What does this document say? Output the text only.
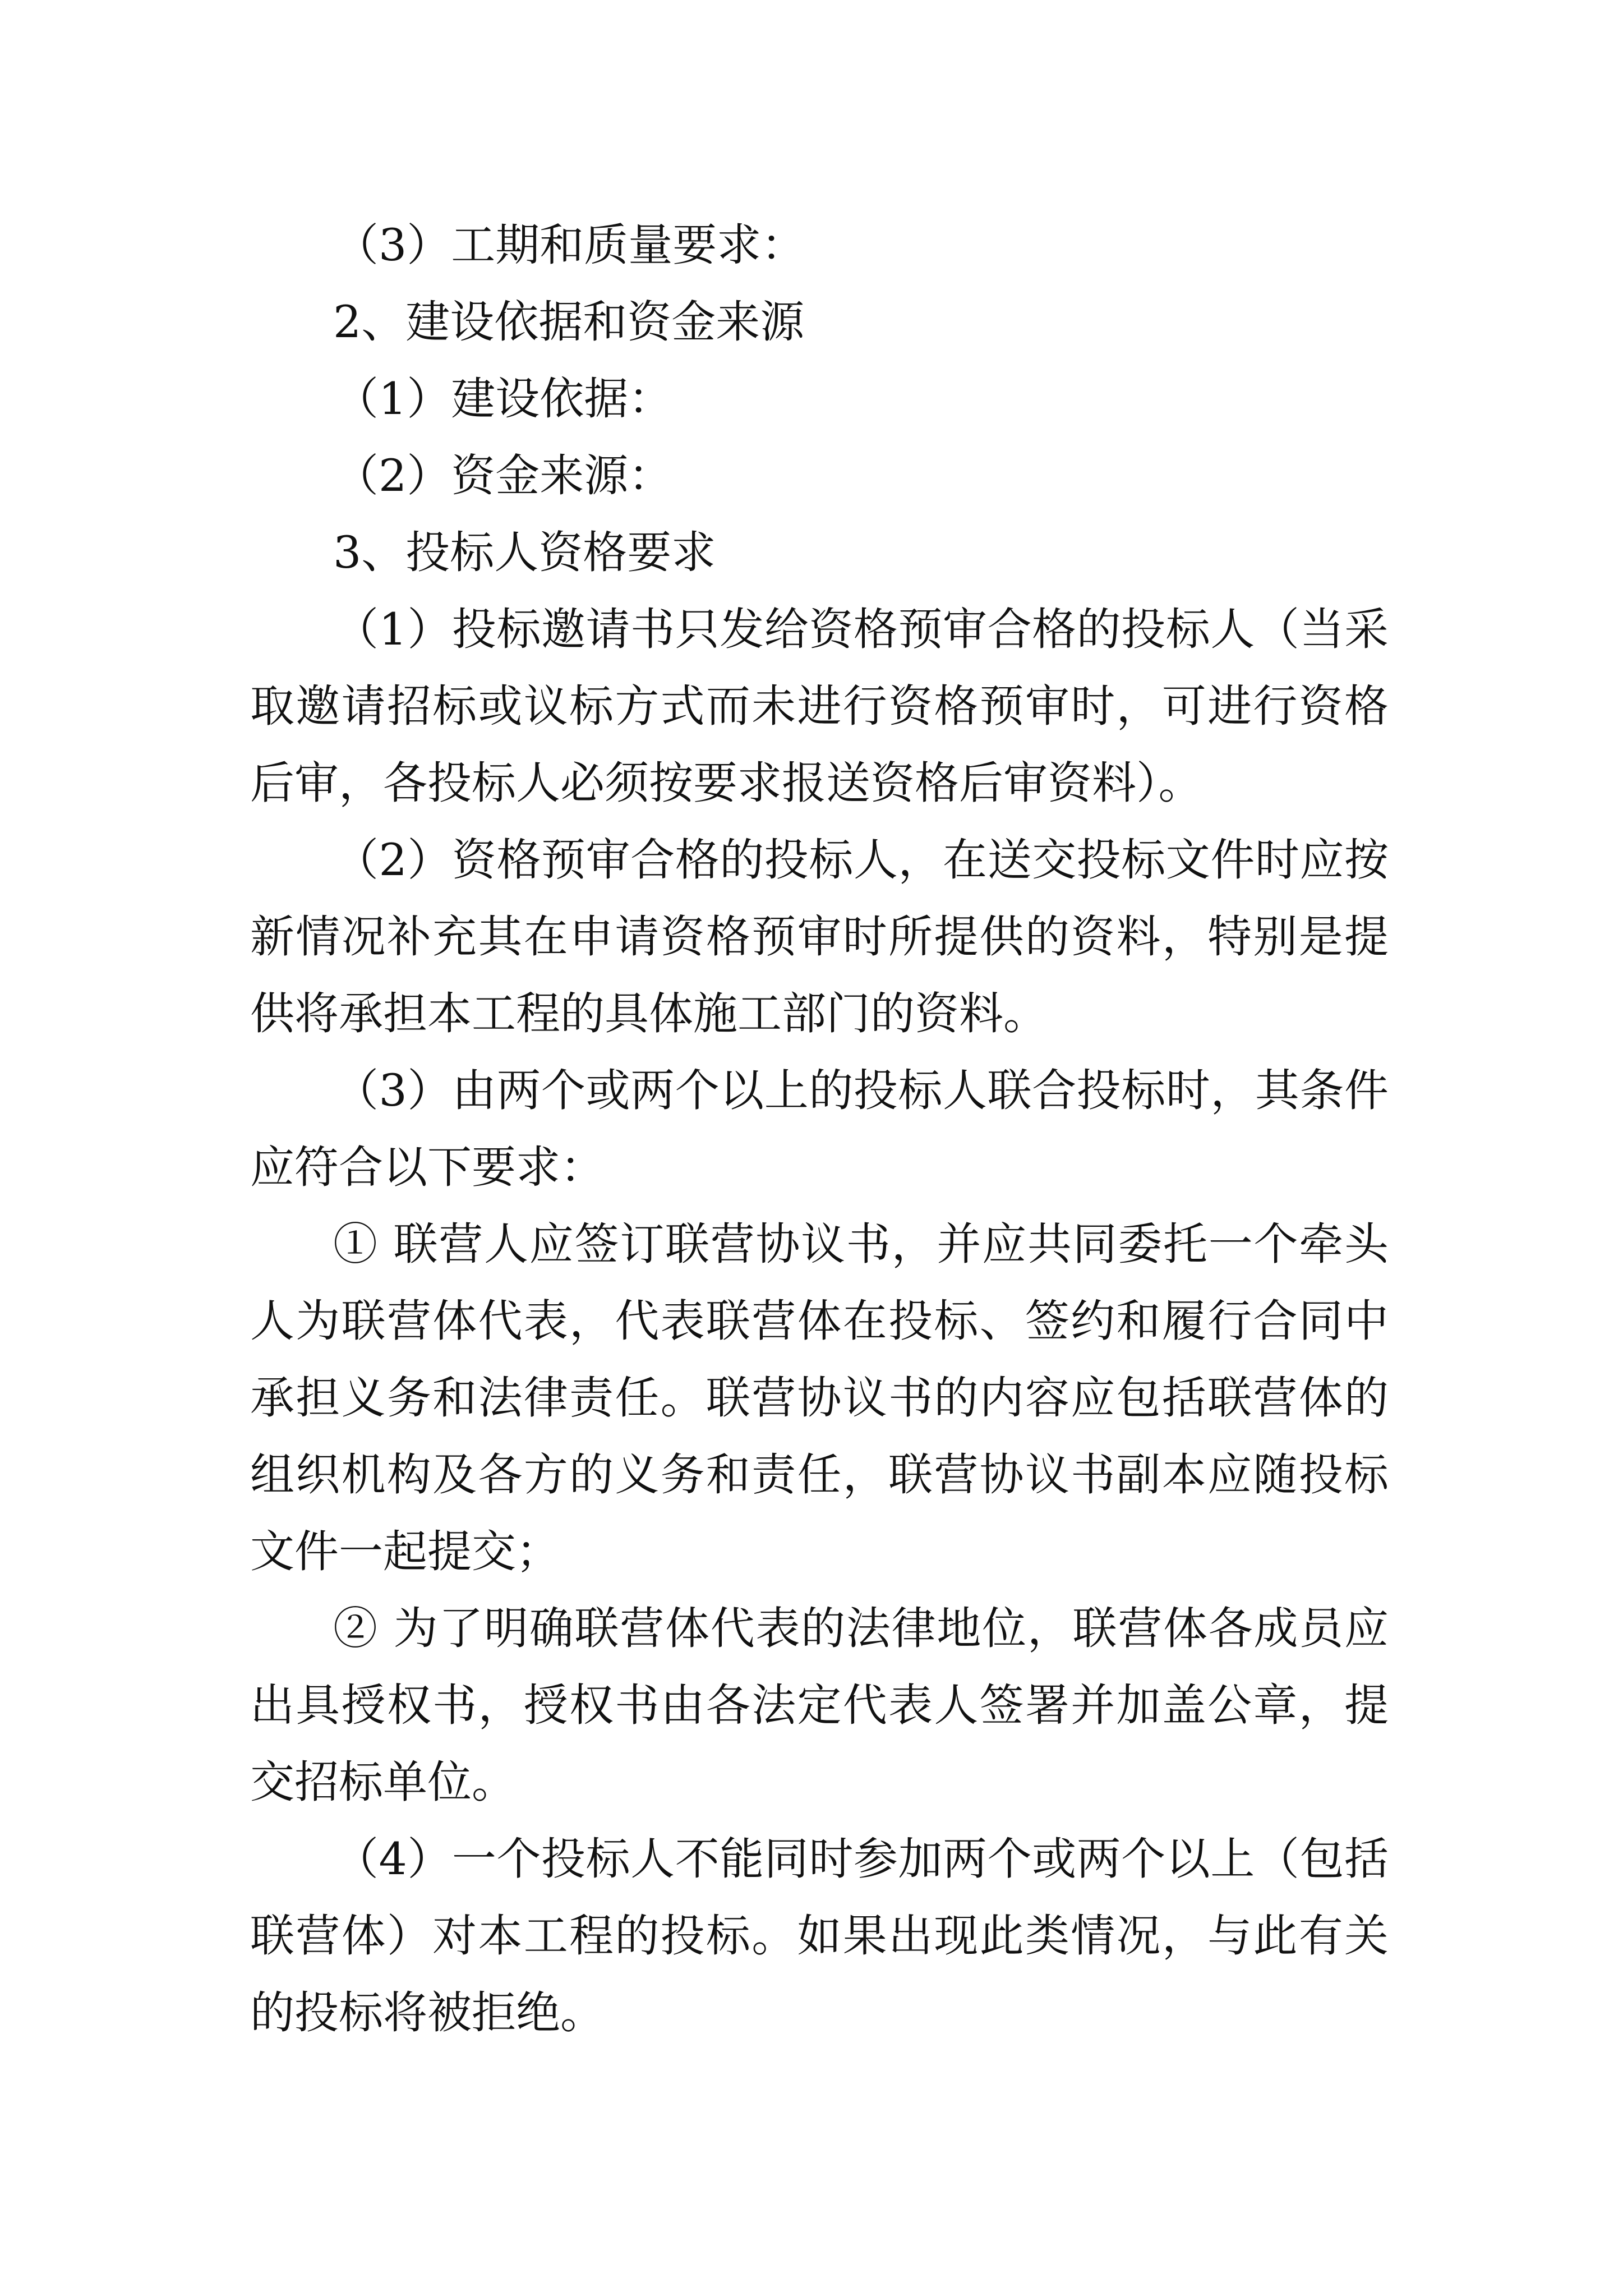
（3）工期和质量要求：

2、建设依据和资金来源

（1）建设依据：

（2）资金来源：

3、投标人资格要求

（1）投标邀请书只发给资格预审合格的投标人（当采取邀请招标或议标方式而未进行资格预审时，可进行资格后审，各投标人必须按要求报送资格后审资料）。

（2）资格预审合格的投标人，在送交投标文件时应按新情况补充其在申请资格预审时所提供的资料，特别是提供将承担本工程的具体施工部门的资料。

（3）由两个或两个以上的投标人联合投标时，其条件应符合以下要求：

① 联营人应签订联营协议书，并应共同委托一个牵头人为联营体代表，代表联营体在投标、签约和履行合同中承担义务和法律责任。联营协议书的内容应包括联营体的组织机构及各方的义务和责任，联营协议书副本应随投标文件一起提交；

② 为了明确联营体代表的法律地位，联营体各成员应出具授权书，授权书由各法定代表人签署并加盖公章，提交招标单位。

（4）一个投标人不能同时参加两个或两个以上（包括联营体）对本工程的投标。如果出现此类情况，与此有关的投标将被拒绝。
